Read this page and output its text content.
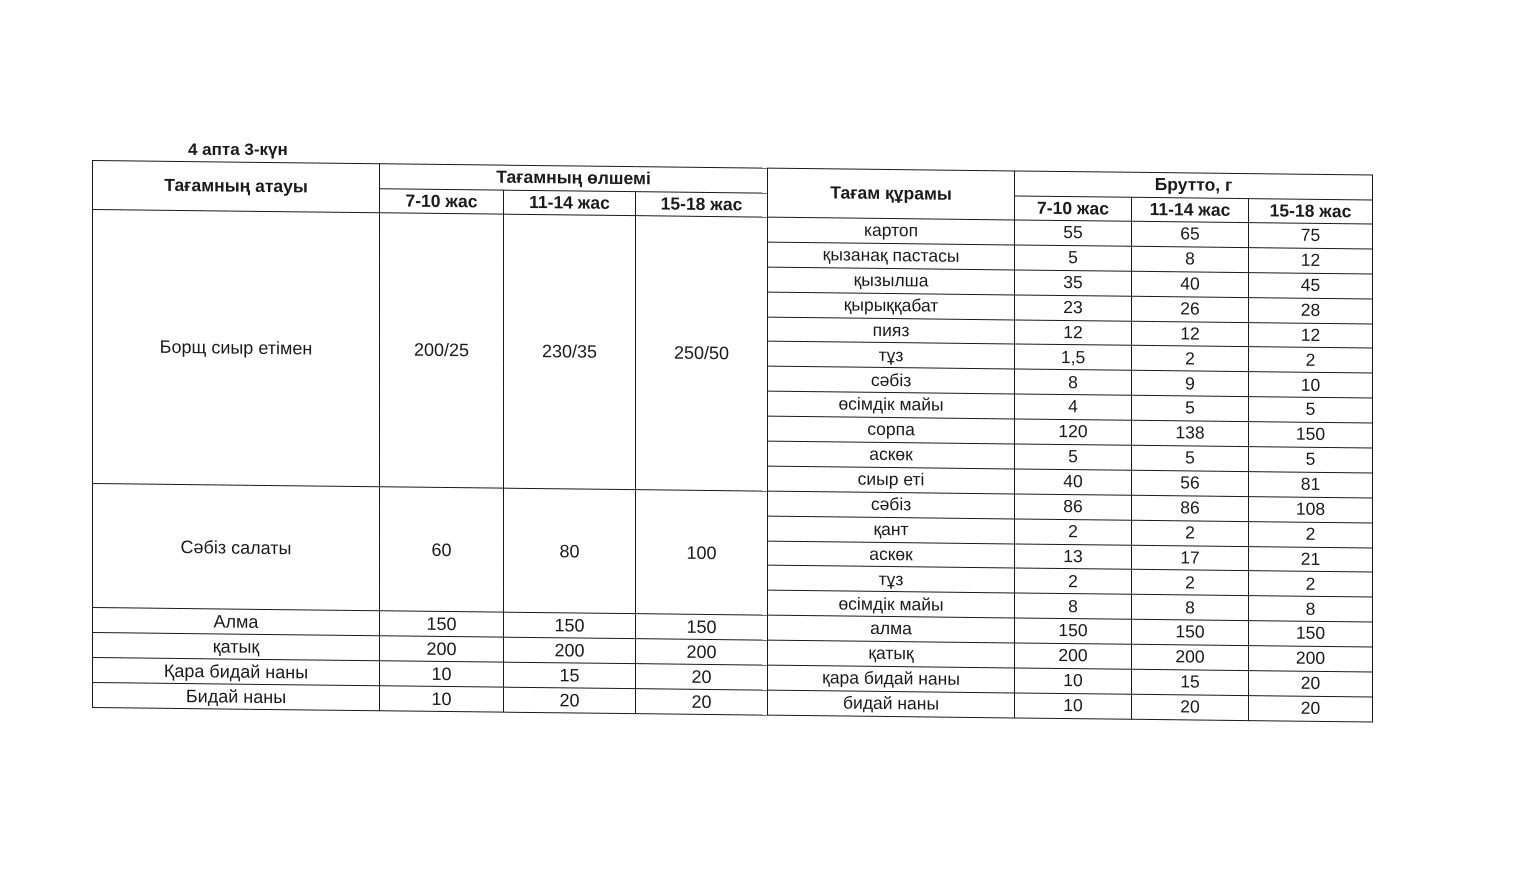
4 апта 3-күн
Тағамның атауы	Тағамның өлшемі			Тағам құрамы	Брутто, г		
	7-10 жас	11-14 жас	15-18 жас		7-10 жас	11-14 жас	15-18 жас
Борщ сиыр етімен	200/25	230/35	250/50	картоп	55	65	75
				қызанақ пастасы	5	8	12
				қызылша	35	40	45
				қырыққабат	23	26	28
				пияз	12	12	12
				тұз	1,5	2	2
				сәбіз	8	9	10
				өсімдік майы	4	5	5
				сорпа	120	138	150
				аскөк	5	5	5
				сиыр еті	40	56	81
Сәбіз салаты	60	80	100	сәбіз	86	86	108
				қант	2	2	2
				аскөк	13	17	21
				тұз	2	2	2
				өсімдік майы	8	8	8
Алма	150	150	150	алма	150	150	150
қатық	200	200	200	қатық	200	200	200
Қара бидай наны	10	15	20	қара бидай наны	10	15	20
Бидай наны	10	20	20	бидай наны	10	20	20
